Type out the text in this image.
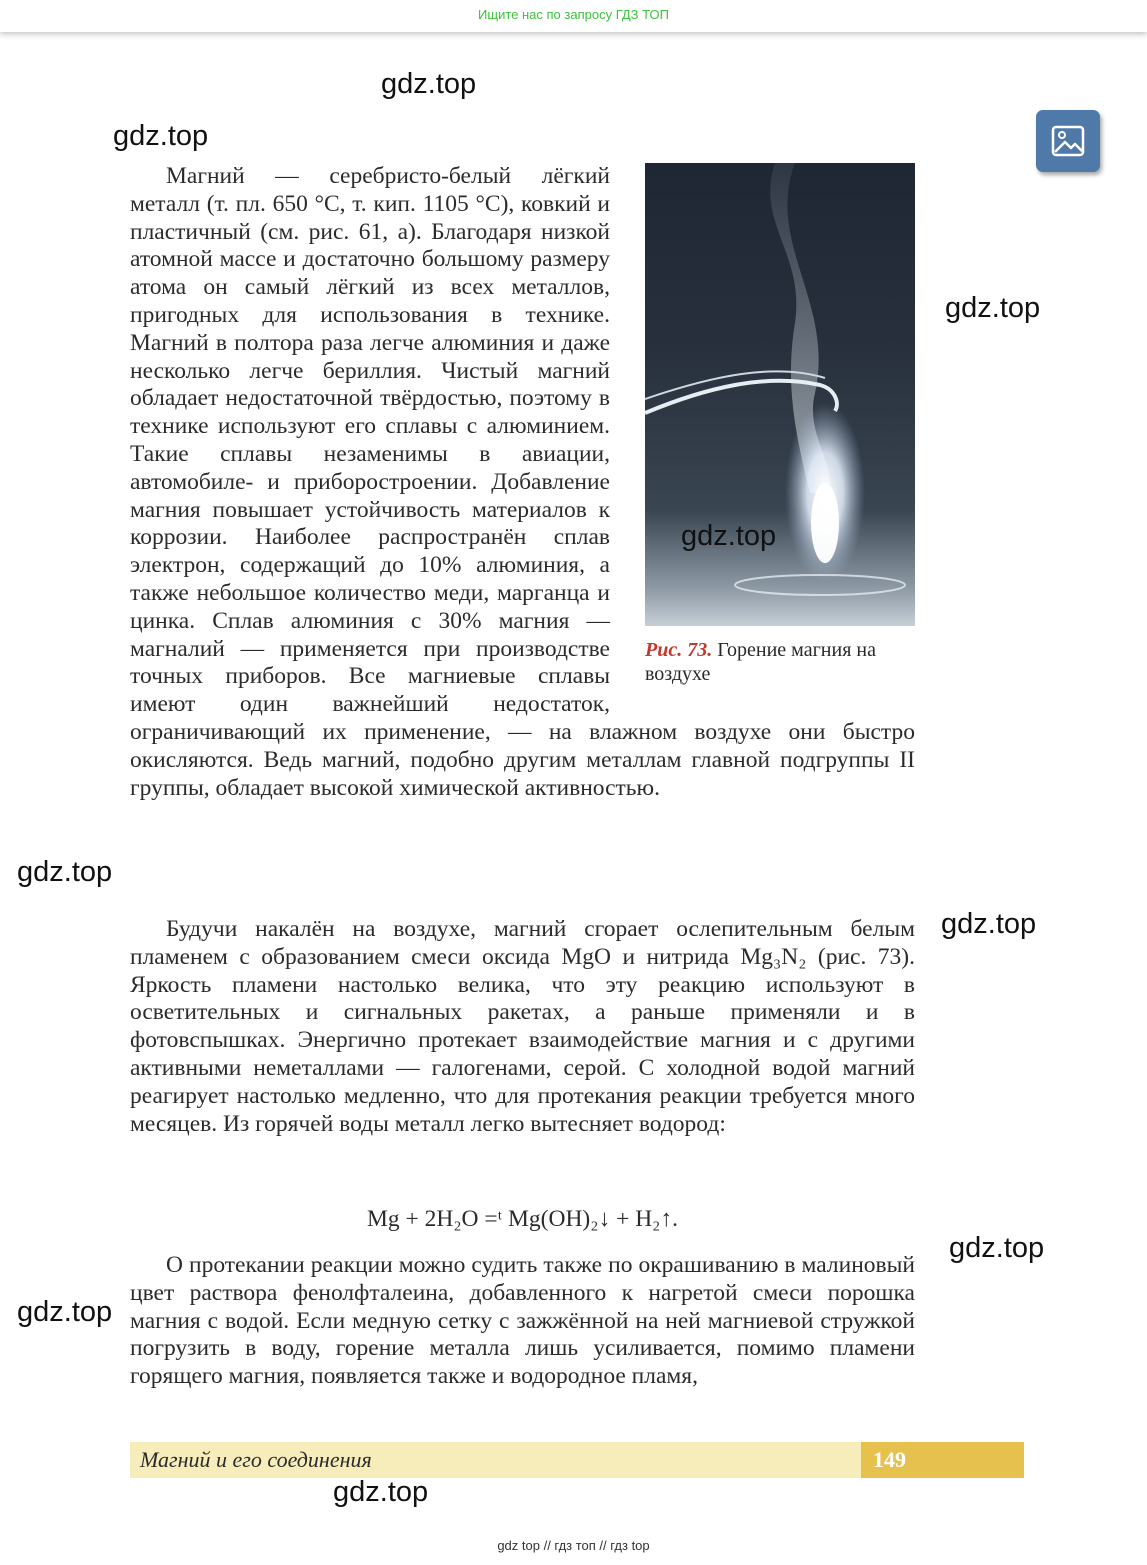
Ищите нас по запросу ГДЗ ТОП
Рис. 73. Горение магния на воздухе
Магний — серебристо-белый лёгкий металл (т. пл. 650 °С, т. кип. 1105 °С), ковкий и пластичный (см. рис. 61, а). Благодаря низкой атомной массе и достаточно большому размеру атома он самый лёгкий из всех металлов, пригодных для использования в технике. Магний в полтора раза легче алюминия и даже несколько легче бериллия. Чистый магний обладает недостаточной твёрдостью, поэтому в технике используют его сплавы с алюминием. Такие сплавы незаменимы в авиации, автомобиле- и приборостроении. Добавление магния повышает устойчивость материалов к коррозии. Наиболее распространён сплав электрон, содержащий до 10% алюминия, а также небольшое количество меди, марганца и цинка. Сплав алюминия с 30% магния — магналий — применяется при производстве точных приборов. Все магниевые сплавы имеют один важнейший недостаток, ограничивающий их применение, — на влажном воздухе они быстро окисляются. Ведь магний, подобно другим металлам главной подгруппы II группы, обладает высокой химической активностью.
Будучи накалён на воздухе, магний сгорает ослепительным белым пламенем с образованием смеси оксида MgO и нитрида Mg₃N₂ (рис. 73). Яркость пламени настолько велика, что эту реакцию используют в осветительных и сигнальных ракетах, а раньше применяли и в фотовспышках. Энергично протекает взаимодействие магния и с другими активными неметаллами — галогенами, серой. С холодной водой магний реагирует настолько медленно, что для протекания реакции требуется много месяцев. Из горячей воды металл легко вытесняет водород:
Mg + 2H₂O =ᵗ Mg(OH)₂↓ + H₂↑.
О протекании реакции можно судить также по окрашиванию в малиновый цвет раствора фенолфталеина, добавленного к нагретой смеси порошка магния с водой. Если медную сетку с зажжённой на ней магниевой стружкой погрузить в воду, горение металла лишь усиливается, помимо пламени горящего магния, появляется также и водородное пламя,
Магний и его соединения	149
gdz.top
gdz.top
gdz.top
gdz.top
gdz.top
gdz.top
gdz.top
gdz.top
gdz.top
gdz top // гдз топ // гдз top
